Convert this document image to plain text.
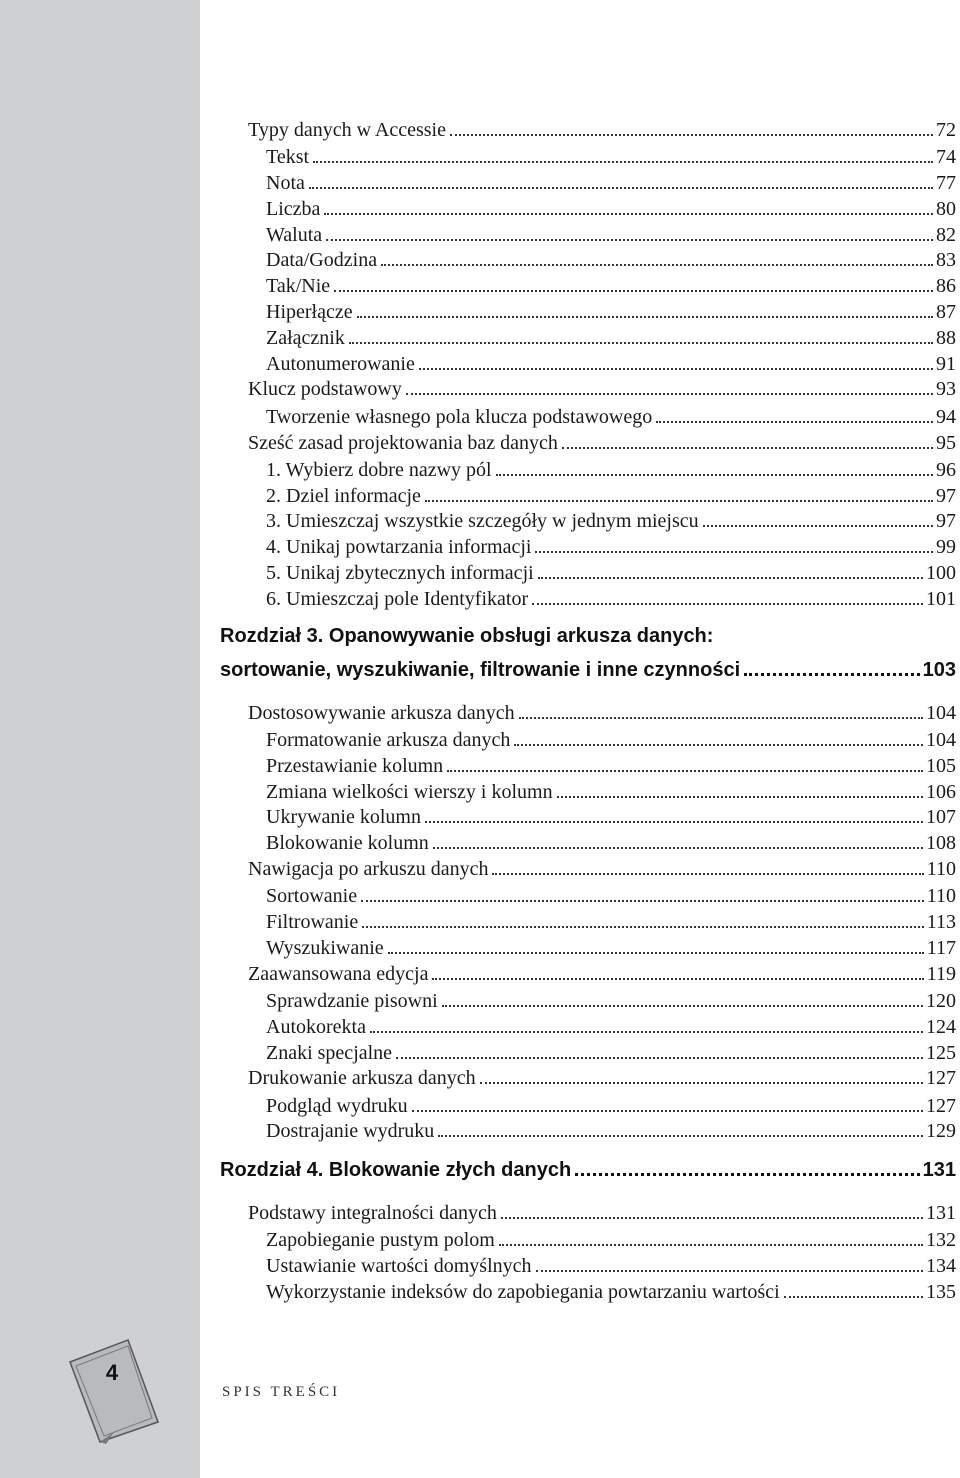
Typy danych w Accessie	72
Tekst	74
Nota	77
Liczba	80
Waluta	82
Data/Godzina	83
Tak/Nie	86
Hiperłącze	87
Załącznik	88
Autonumerowanie	91
Klucz podstawowy	93
Tworzenie własnego pola klucza podstawowego	94
Sześć zasad projektowania baz danych	95
1. Wybierz dobre nazwy pól	96
2. Dziel informacje	97
3. Umieszczaj wszystkie szczegóły w jednym miejscu	97
4. Unikaj powtarzania informacji	99
5. Unikaj zbytecznych informacji	100
6. Umieszczaj pole Identyfikator	101
Rozdział 3. Opanowywanie obsługi arkusza danych:
sortowanie, wyszukiwanie, filtrowanie i inne czynności	103
Dostosowywanie arkusza danych	104
Formatowanie arkusza danych	104
Przestawianie kolumn	105
Zmiana wielkości wierszy i kolumn	106
Ukrywanie kolumn	107
Blokowanie kolumn	108
Nawigacja po arkuszu danych	110
Sortowanie	110
Filtrowanie	113
Wyszukiwanie	117
Zaawansowana edycja	119
Sprawdzanie pisowni	120
Autokorekta	124
Znaki specjalne	125
Drukowanie arkusza danych	127
Podgląd wydruku	127
Dostrajanie wydruku	129
Rozdział 4. Blokowanie złych danych	131
Podstawy integralności danych	131
Zapobieganie pustym polom	132
Ustawianie wartości domyślnych	134
Wykorzystanie indeksów do zapobiegania powtarzaniu wartości	135
4
SPIS TREŚCI
